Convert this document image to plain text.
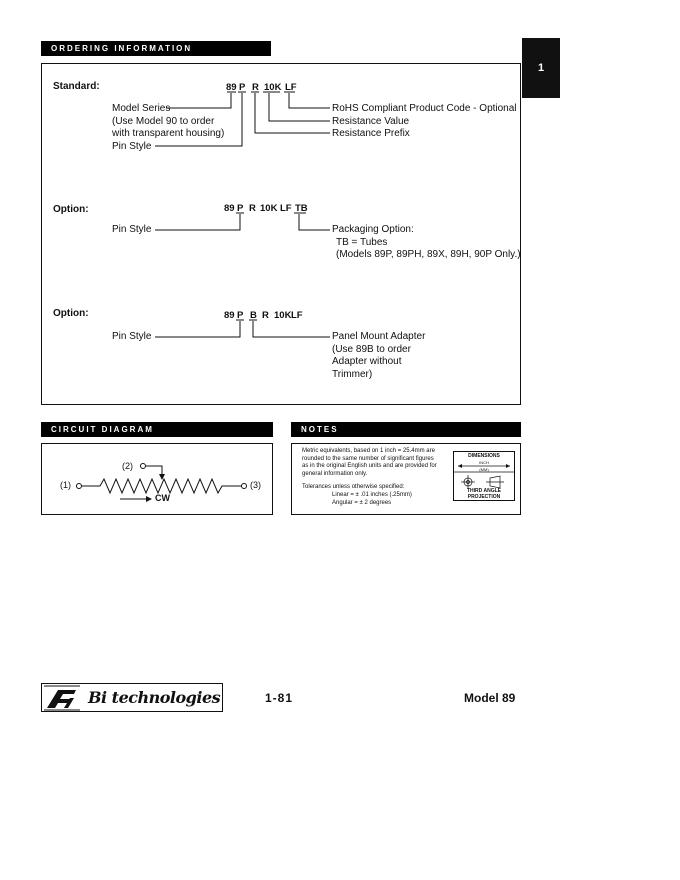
1
ORDERING INFORMATION
Standard:	89 P R 10K LF
Model Series
(Use Model 90 to order
with transparent housing)
Pin Style
RoHS Compliant Product Code - Optional
Resistance Value
Resistance Prefix
Option:	89 P R 10K LF TB
Pin Style	Packaging Option:
TB = Tubes
(Models 89P, 89PH, 89X, 89H, 90P Only.)
Option:	89 P B R 10K LF
Pin Style	Panel Mount Adapter
(Use 89B to order
Adapter without
Trimmer)
CIRCUIT DIAGRAM
(1)
(2)
(3)
CW
NOTES
Metric equivalents, based on 1 inch = 25.4mm are
rounded to the same number of significant figures
as in the original English units and are provided for
general information only.
Tolerances unless otherwise specified:
Linear = ± .01 inches (.25mm)
Angular = ± 2 degrees
DIMENSIONS
INCH
(MM)
THIRD ANGLE
PROJECTION
Bi technologies	1-81	Model 89
